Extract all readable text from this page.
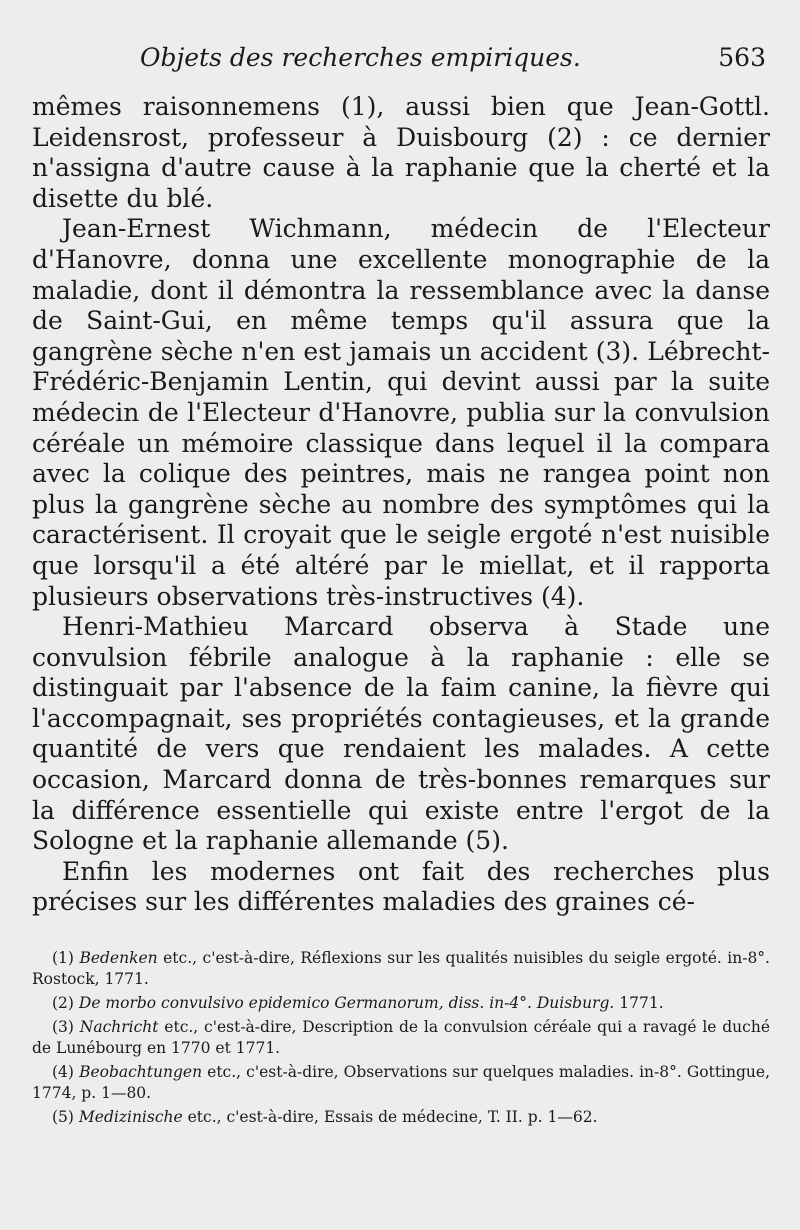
Objets des recherches empiriques.	563

mêmes raisonnemens (1), aussi bien que Jean-Gottl. Leidensrost, professeur à Duisbourg (2) : ce dernier n'assigna d'autre cause à la raphanie que la cherté et la disette du blé.

Jean-Ernest Wichmann, médecin de l'Electeur d'Hanovre, donna une excellente monographie de la maladie, dont il démontra la ressemblance avec la danse de Saint-Gui, en même temps qu'il assura que la gangrène sèche n'en est jamais un accident (3). Lébrecht-Frédéric-Benjamin Lentin, qui devint aussi par la suite médecin de l'Electeur d'Hanovre, publia sur la convulsion céréale un mémoire classique dans lequel il la compara avec la colique des peintres, mais ne rangea point non plus la gangrène sèche au nombre des symptômes qui la caractérisent. Il croyait que le seigle ergoté n'est nuisible que lorsqu'il a été altéré par le miellat, et il rapporta plusieurs observations très-instructives (4).

Henri-Mathieu Marcard observa à Stade une convulsion fébrile analogue à la raphanie : elle se distinguait par l'absence de la faim canine, la fièvre qui l'accompagnait, ses propriétés contagieuses, et la grande quantité de vers que rendaient les malades. A cette occasion, Marcard donna de très-bonnes remarques sur la différence essentielle qui existe entre l'ergot de la Sologne et la raphanie allemande (5).

Enfin les modernes ont fait des recherches plus précises sur les différentes maladies des graines cé-

(1) Bedenken etc., c'est-à-dire, Réflexions sur les qualités nuisibles du seigle ergoté. in-8°. Rostock, 1771.

(2) De morbo convulsivo epidemico Germanorum, diss. in-4°. Duisburg. 1771.

(3) Nachricht etc., c'est-à-dire, Description de la convulsion céréale qui a ravagé le duché de Lunébourg en 1770 et 1771.

(4) Beobachtungen etc., c'est-à-dire, Observations sur quelques maladies. in-8°. Gottingue, 1774, p. 1—80.

(5) Medizinische etc., c'est-à-dire, Essais de médecine, T. II. p. 1—62.
